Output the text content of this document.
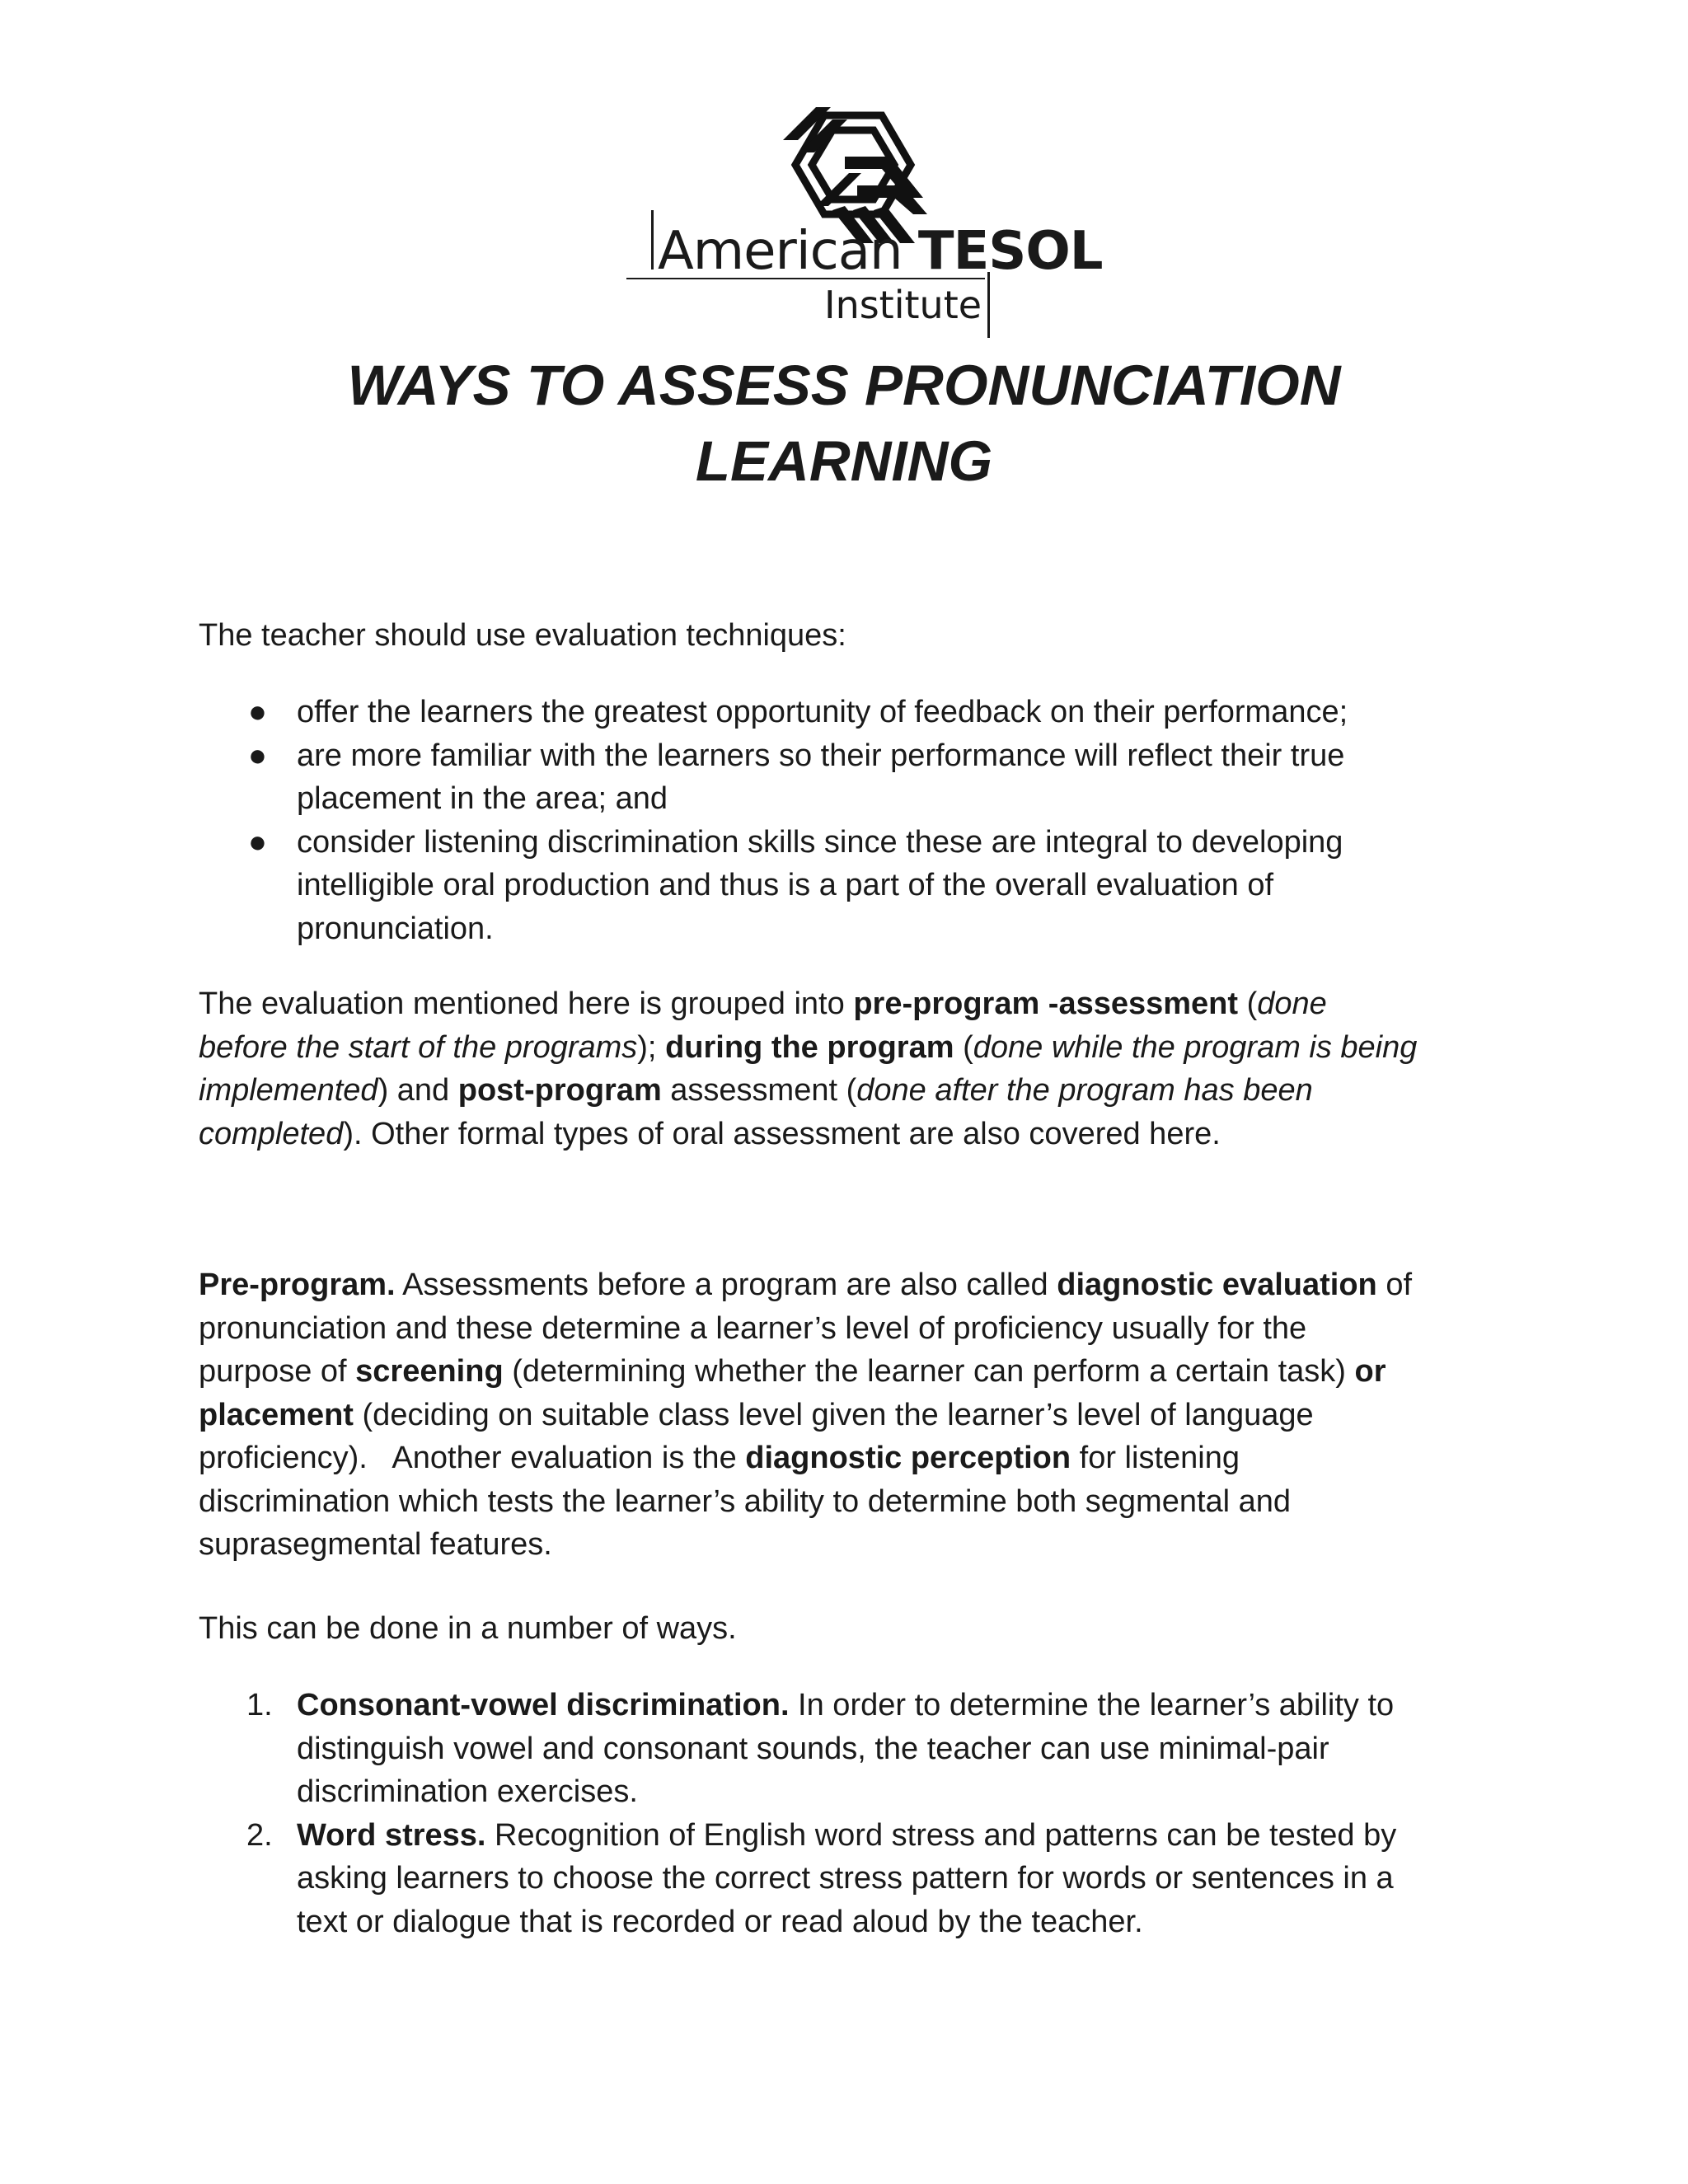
American TESOL
Institute
WAYS TO ASSESS PRONUNCIATION
LEARNING

The teacher should use evaluation techniques:

● offer the learners the greatest opportunity of feedback on their performance;
● are more familiar with the learners so their performance will reflect their true
placement in the area; and
● consider listening discrimination skills since these are integral to developing
intelligible oral production and thus is a part of the overall evaluation of
pronunciation.
The evaluation mentioned here is grouped into pre-program -assessment (done
before the start of the programs); during the program (done while the program is being
implemented) and post-program assessment (done after the program has been
completed). Other formal types of oral assessment are also covered here.
Pre-program. Assessments before a program are also called diagnostic evaluation of
pronunciation and these determine a learner’s level of proficiency usually for the
purpose of screening (determining whether the learner can perform a certain task) or
placement (deciding on suitable class level given the learner’s level of language
proficiency).   Another evaluation is the diagnostic perception for listening
discrimination which tests the learner’s ability to determine both segmental and
suprasegmental features.

This can be done in a number of ways.

1. Consonant-vowel discrimination. In order to determine the learner’s ability to
distinguish vowel and consonant sounds, the teacher can use minimal-pair
discrimination exercises.
2. Word stress. Recognition of English word stress and patterns can be tested by
asking learners to choose the correct stress pattern for words or sentences in a
text or dialogue that is recorded or read aloud by the teacher.
